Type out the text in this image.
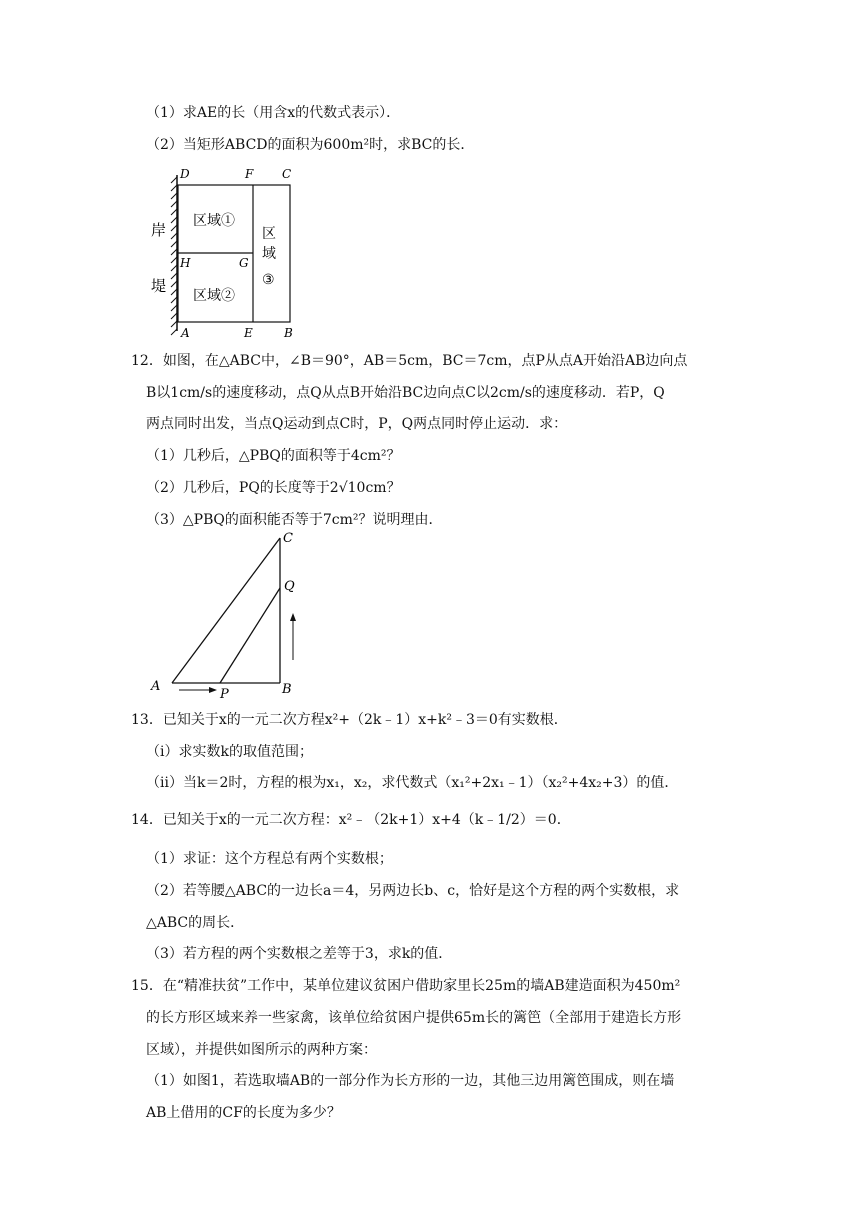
（1）求AE的长（用含x的代数式表示）．
（2）当矩形ABCD的面积为600m²时，求BC的长．
D	F C
H	G
A	E	B
岸
堤
区域①
区域②
区
域
③
12．如图，在△ABC中，∠B＝90°，AB＝5cm，BC＝7cm，点P从点A开始沿AB边向点
B以1cm/s的速度移动，点Q从点B开始沿BC边向点C以2cm/s的速度移动．若P，Q
两点同时出发，当点Q运动到点C时，P，Q两点同时停止运动．求：
（1）几秒后，△PBQ的面积等于4cm²？
（2）几秒后，PQ的长度等于2√10cm？
（3）△PBQ的面积能否等于7cm²？说明理由．
A	B
C
P
Q
13．已知关于x的一元二次方程x²+（2k﹣1）x+k²﹣3＝0有实数根．
（ⅰ）求实数k的取值范围；
（ⅱ）当k＝2时，方程的根为x₁，x₂，求代数式（x₁²+2x₁﹣1）（x₂²+4x₂+3）的值．
14．已知关于x的一元二次方程：x²﹣（2k+1）x+4（k﹣1/2）＝0．
（1）求证：这个方程总有两个实数根；
（2）若等腰△ABC的一边长a＝4，另两边长b、c，恰好是这个方程的两个实数根，求
△ABC的周长．
（3）若方程的两个实数根之差等于3，求k的值．
15．在“精准扶贫”工作中，某单位建议贫困户借助家里长25m的墙AB建造面积为450m²
的长方形区域来养一些家禽，该单位给贫困户提供65m长的篱笆（全部用于建造长方形
区域），并提供如图所示的两种方案：
（1）如图1，若选取墙AB的一部分作为长方形的一边，其他三边用篱笆围成，则在墙
AB上借用的CF的长度为多少？
